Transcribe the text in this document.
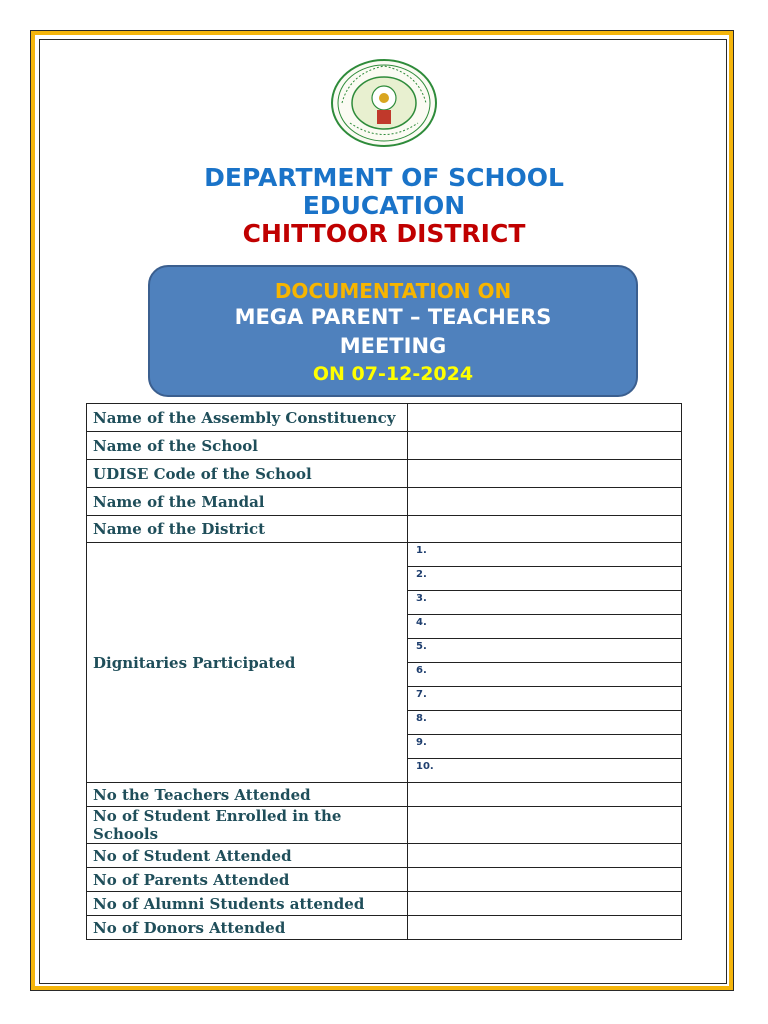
DEPARTMENT OF SCHOOL
EDUCATION
CHITTOOR DISTRICT
DOCUMENTATION ON
MEGA PARENT – TEACHERS
MEETING
ON 07-12-2024
Name of the Assembly Constituency	
Name of the School	
UDISE Code of the School	
Name of the Mandal	
Name of the District	
Dignitaries Participated	1.
	2.
	3.
	4.
	5.
	6.
	7.
	8.
	9.
	10.
No the Teachers Attended	
No of Student Enrolled in the Schools	
No of Student Attended	
No of Parents Attended	
No of Alumni Students attended	
No of Donors Attended	
